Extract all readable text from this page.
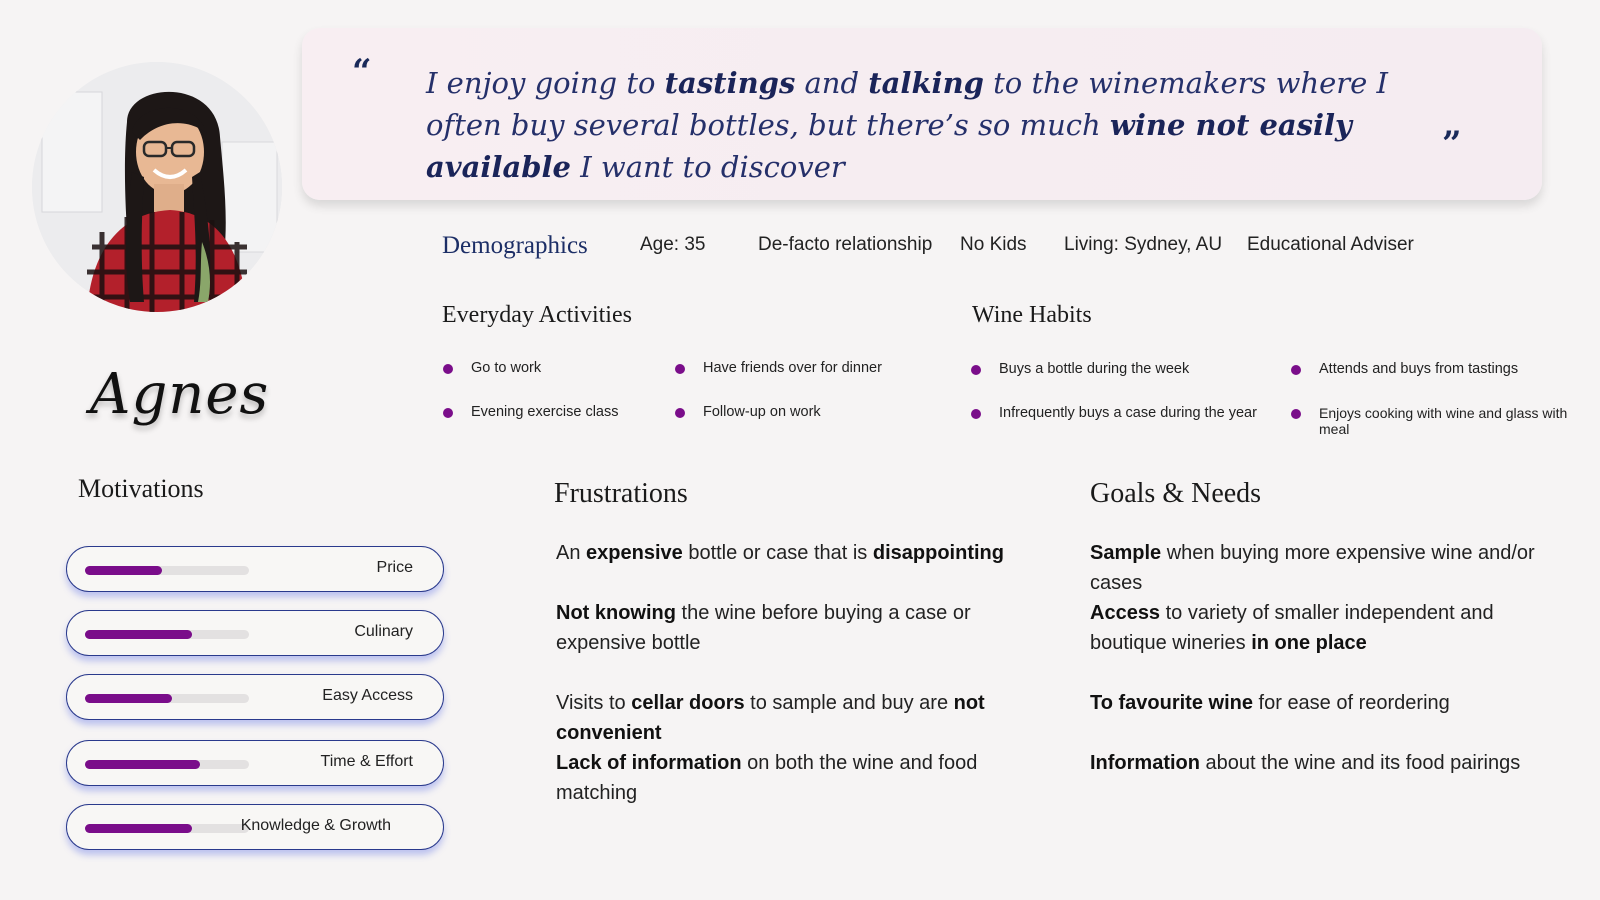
Agnes
“ I enjoy going to tastings and talking to the winemakers where I often buy several bottles, but there’s so much wine not easily available I want to discover
”
Demographics	Age: 35	De-facto relationship No Kids Living: Sydney, AU Educational Adviser
Everyday Activities
Go to work	Have friends over for dinner
Evening exercise class	Follow-up on work
Wine Habits
Buys a bottle during the week	Attends and buys from tastings
Infrequently buys a case during the year	Enjoys cooking with wine and glass with meal
Motivations
Price
Culinary
Easy Access
Time & Effort
Knowledge & Growth
Frustrations
An expensive bottle or case that is disappointing
Not knowing the wine before buying a case or expensive bottle
Visits to cellar doors to sample and buy are not convenient
Lack of information on both the wine and food matching
Goals & Needs
Sample when buying more expensive wine and/or cases
Access to variety of smaller independent and boutique wineries in one place
To favourite wine for ease of reordering
Information about the wine and its food pairings
